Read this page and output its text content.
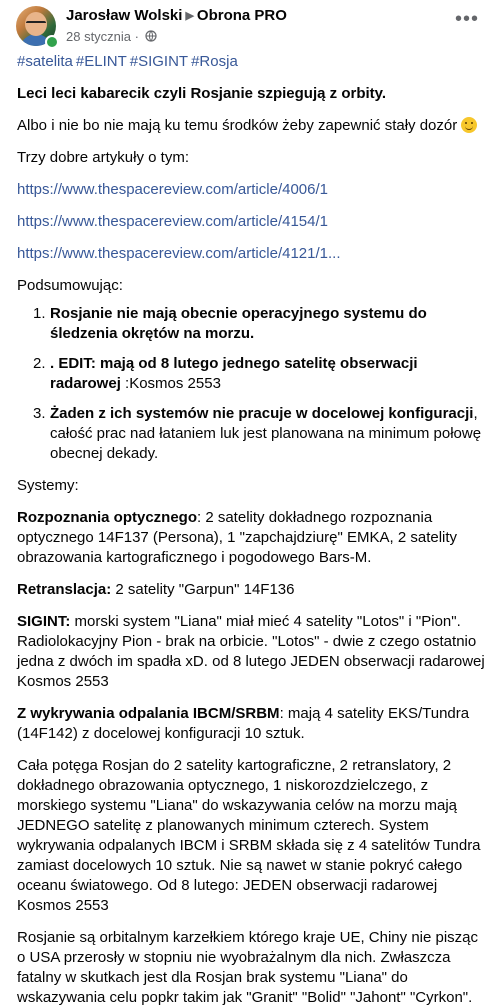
Jarosław Wolski ▶ Obrona PRO
28 stycznia ·
•••

#satelita #ELINT #SIGINT #Rosja

Leci leci kabarecik czyli Rosjanie szpiegują z orbity.

Albo i nie bo nie mają ku temu środków żeby zapewnić stały dozór

Trzy dobre artykuły o tym:

https://www.thespacereview.com/article/4006/1

https://www.thespacereview.com/article/4154/1

https://www.thespacereview.com/article/4121/1...

Podsumowując:

1. Rosjanie nie mają obecnie operacyjnego systemu do śledzenia okrętów na morzu.
2. . EDIT: mają od 8 lutego jednego satelitę obserwacji radarowej :Kosmos 2553
3. Żaden z ich systemów nie pracuje w docelowej konfiguracji, całość prac nad łataniem luk jest planowana na minimum połowę obecnej dekady.

Systemy:

Rozpoznania optycznego: 2 satelity dokładnego rozpoznania optycznego 14F137 (Persona), 1 "zapchajdziurę" EMKA, 2 satelity obrazowania kartograficznego i pogodowego Bars-M.

Retranslacja: 2 satelity "Garpun" 14F136

SIGINT: morski system "Liana" miał mieć 4 satelity "Lotos" i "Pion". Radiolokacyjny Pion - brak na orbicie. "Lotos" - dwie z czego ostatnio jedna z dwóch im spadła xD. od 8 lutego JEDEN obserwacji radarowej Kosmos 2553

Z wykrywania odpalania IBCM/SRBM: mają 4 satelity EKS/Tundra (14F142) z docelowej konfiguracji 10 sztuk.

Cała potęga Rosjan do 2 satelity kartograficzne, 2 retranslatory, 2 dokładnego obrazowania optycznego, 1 niskorozdzielczego, z morskiego systemu "Liana" do wskazywania celów na morzu mają JEDNEGO satelitę z planowanych minimum czterech. System wykrywania odpalanych IBCM i SRBM składa się z 4 satelitów Tundra zamiast docelowych 10 sztuk. Nie są nawet w stanie pokryć całego oceanu światowego. Od 8 lutego: JEDEN obserwacji radarowej Kosmos 2553

Rosjanie są orbitalnym karzełkiem którego kraje UE, Chiny nie pisząc o USA przerosły w stopniu nie wyobrażalnym dla nich. Zwłaszcza fatalny w skutkach jest dla Rosjan brak systemu "Liana" do wskazywania celu popkr takim jak "Granit" "Bolid" "Jahont" "Cyrkon".
